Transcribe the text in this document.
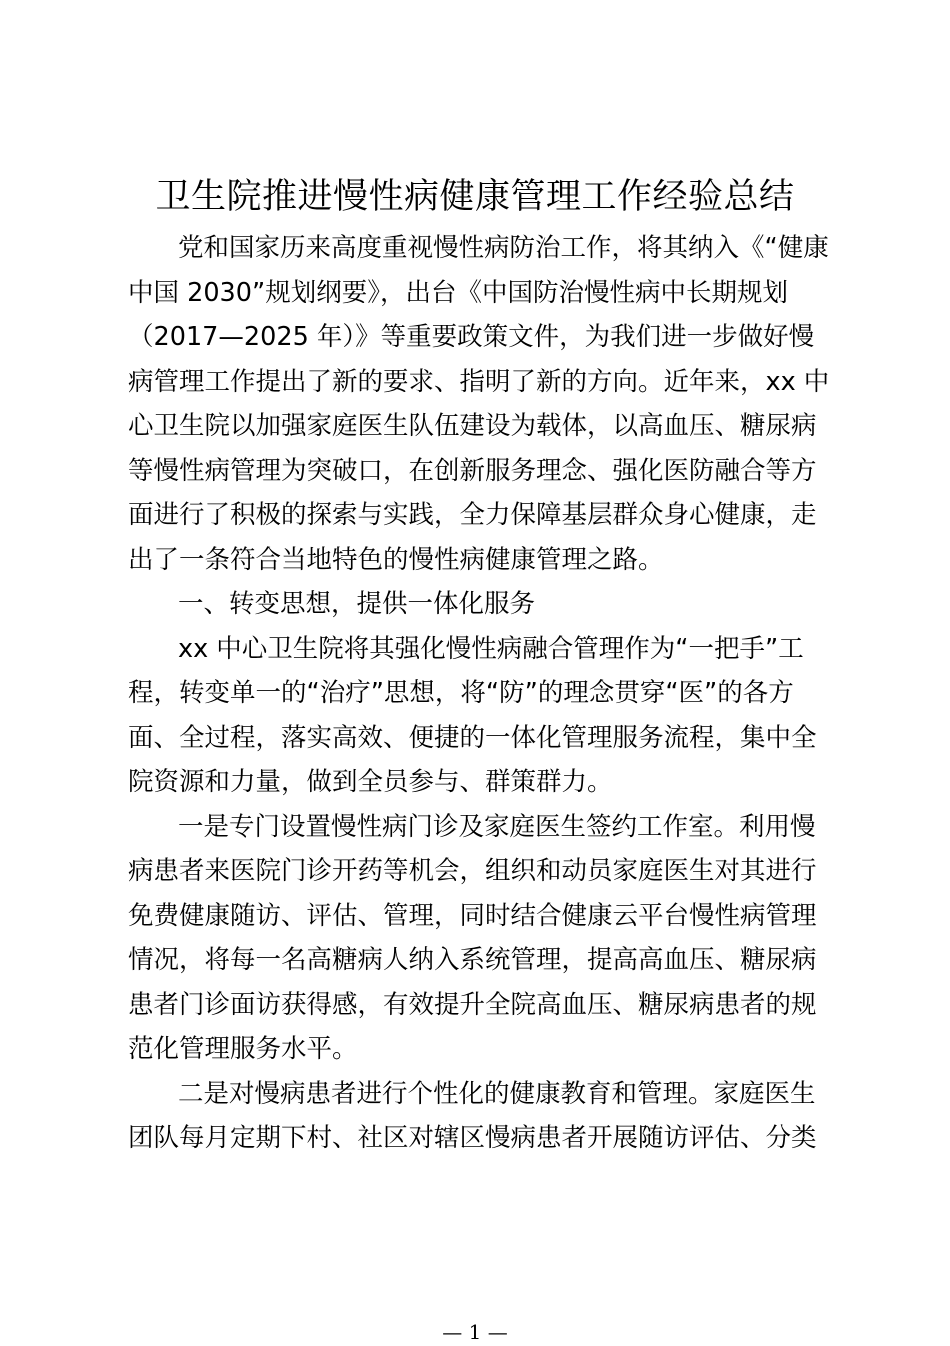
卫生院推进慢性病健康管理工作经验总结

党和国家历来高度重视慢性病防治工作，将其纳入《“健康

中国 2030”规划纲要》，出台《中国防治慢性病中长期规划

（2017—2025 年）》等重要政策文件，为我们进一步做好慢

病管理工作提出了新的要求、指明了新的方向。近年来，xx 中

心卫生院以加强家庭医生队伍建设为载体，以高血压、糖尿病

等慢性病管理为突破口，在创新服务理念、强化医防融合等方

面进行了积极的探索与实践，全力保障基层群众身心健康，走

出了一条符合当地特色的慢性病健康管理之路。

一、转变思想，提供一体化服务

xx 中心卫生院将其强化慢性病融合管理作为“一把手”工

程，转变单一的“治疗”思想，将“防”的理念贯穿“医”的各方

面、全过程，落实高效、便捷的一体化管理服务流程，集中全

院资源和力量，做到全员参与、群策群力。

一是专门设置慢性病门诊及家庭医生签约工作室。利用慢

病患者来医院门诊开药等机会，组织和动员家庭医生对其进行

免费健康随访、评估、管理，同时结合健康云平台慢性病管理

情况，将每一名高糖病人纳入系统管理，提高高血压、糖尿病

患者门诊面访获得感，有效提升全院高血压、糖尿病患者的规

范化管理服务水平。

二是对慢病患者进行个性化的健康教育和管理。家庭医生

团队每月定期下村、社区对辖区慢病患者开展随访评估、分类

— 1 —
